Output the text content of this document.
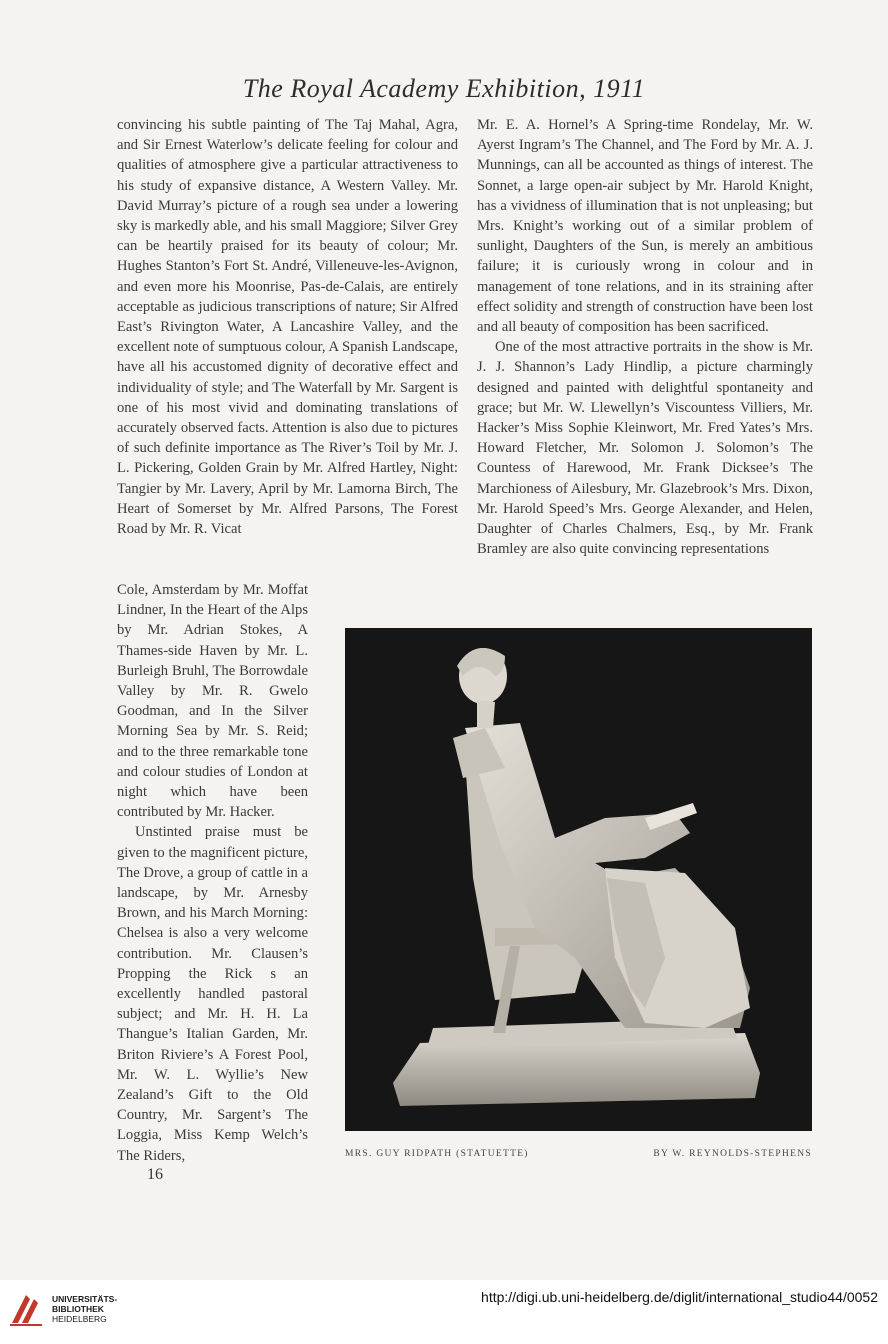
The Royal Academy Exhibition, 1911

convincing his subtle painting of The Taj Mahal, Agra, and Sir Ernest Waterlow’s delicate feeling for colour and qualities of atmosphere give a particular attractiveness to his study of expansive distance, A Western Valley. Mr. David Murray’s picture of a rough sea under a lowering sky is markedly able, and his small Maggiore; Silver Grey can be heartily praised for its beauty of colour; Mr. Hughes Stanton’s Fort St. André, Villeneuve-les-Avignon, and even more his Moonrise, Pas-de-Calais, are entirely acceptable as judicious transcriptions of nature; Sir Alfred East’s Rivington Water, A Lancashire Valley, and the excellent note of sumptuous colour, A Spanish Landscape, have all his accustomed dignity of decorative effect and individuality of style; and The Waterfall by Mr. Sargent is one of his most vivid and dominating translations of accurately observed facts. Attention is also due to pictures of such definite importance as The River’s Toil by Mr. J. L. Pickering, Golden Grain by Mr. Alfred Hartley, Night: Tangier by Mr. Lavery, April by Mr. Lamorna Birch, The Heart of Somerset by Mr. Alfred Parsons, The Forest Road by Mr. R. Vicat

Cole, Amsterdam by Mr. Moffat Lindner, In the Heart of the Alps by Mr. Adrian Stokes, A Thames-side Haven by Mr. L. Burleigh Bruhl, The Borrowdale Valley by Mr. R. Gwelo Goodman, and In the Silver Morning Sea by Mr. S. Reid; and to the three remarkable tone and colour studies of London at night which have been contributed by Mr. Hacker.

Unstinted praise must be given to the magnificent picture, The Drove, a group of cattle in a landscape, by Mr. Arnesby Brown, and his March Morning: Chelsea is also a very welcome contribution. Mr. Clausen’s Propping the Rick s an excellently handled pastoral subject; and Mr. H. H. La Thangue’s Italian Garden, Mr. Briton Riviere’s A Forest Pool, Mr. W. L. Wyllie’s New Zealand’s Gift to the Old Country, Mr. Sargent’s The Loggia, Miss Kemp Welch’s The Riders,

Mr. E. A. Hornel’s A Spring-time Rondelay, Mr. W. Ayerst Ingram’s The Channel, and The Ford by Mr. A. J. Munnings, can all be accounted as things of interest. The Sonnet, a large open-air subject by Mr. Harold Knight, has a vividness of illumination that is not unpleasing; but Mrs. Knight’s working out of a similar problem of sunlight, Daughters of the Sun, is merely an ambitious failure; it is curiously wrong in colour and in management of tone relations, and in its straining after effect solidity and strength of construction have been lost and all beauty of composition has been sacrificed.

One of the most attractive portraits in the show is Mr. J. J. Shannon’s Lady Hindlip, a picture charmingly designed and painted with delightful spontaneity and grace; but Mr. W. Llewellyn’s Viscountess Villiers, Mr. Hacker’s Miss Sophie Kleinwort, Mr. Fred Yates’s Mrs. Howard Fletcher, Mr. Solomon J. Solomon’s The Countess of Harewood, Mr. Frank Dicksee’s The Marchioness of Ailesbury, Mr. Glazebrook’s Mrs. Dixon, Mr. Harold Speed’s Mrs. George Alexander, and Helen, Daughter of Charles Chalmers, Esq., by Mr. Frank Bramley are also quite convincing representations

MRS. GUY RIDPATH (STATUETTE)	BY W. REYNOLDS-STEPHENS
16
UNIVERSITÄTS-
BIBLIOTHEK
HEIDELBERG
http://digi.ub.uni-heidelberg.de/diglit/international_studio44/0052
